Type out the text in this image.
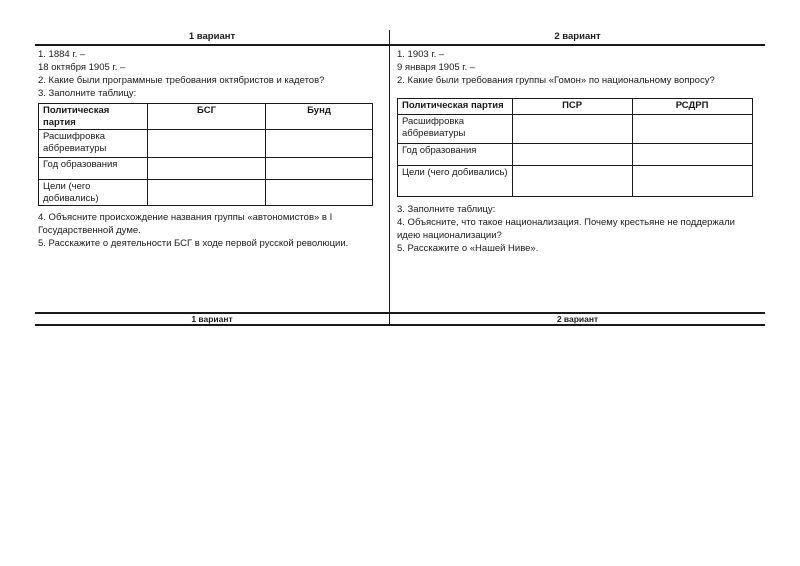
1 вариант	2 вариант
1. 1884 г. –
18 октября 1905 г. –
2. Какие были программные требования октябристов и кадетов?
3. Заполните таблицу:
Политическая партия	БСГ	Бунд
Расшифровка аббревиатуры		
Год образования		
Цели (чего добивались)		
4. Объясните происхождение названия группы «автономистов» в I
Государственной думе.
5. Расскажите о деятельности БСГ в ходе первой русской революции.
1. 1903 г. –
9 января 1905 г. –
2. Какие были требования группы «Гомон» по национальному вопросу?
Политическая партия	ПСР	РСДРП
Расшифровка аббревиатуры		
Год образования		
Цели (чего добивались)		
3. Заполните таблицу:
4. Объясните, что такое национализация. Почему крестьяне не поддержали
идею национализации?
5. Расскажите о «Нашей Ниве».
1 вариант	2 вариант
